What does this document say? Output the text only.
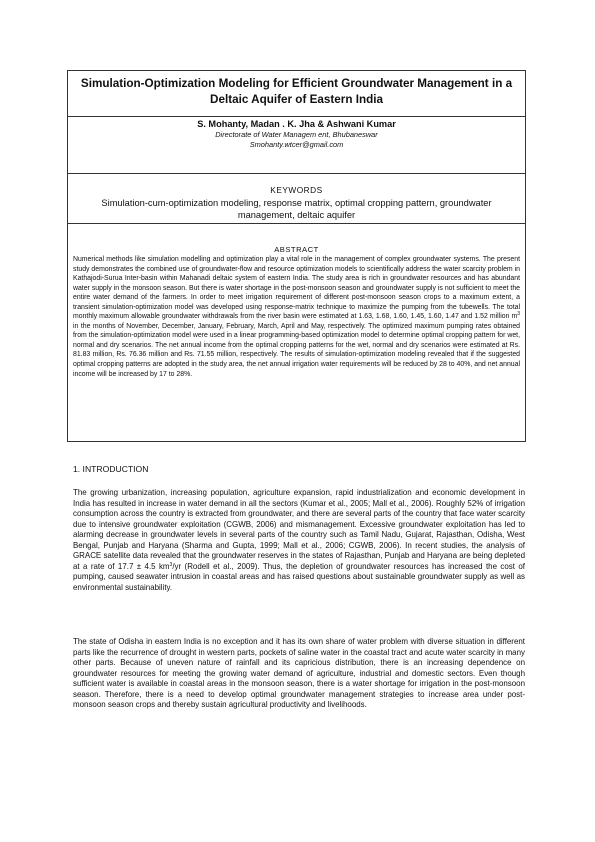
Simulation-Optimization Modeling for Efficient Groundwater Management in a Deltaic Aquifer of Eastern India
S. Mohanty, Madan . K. Jha & Ashwani Kumar
Directorate of Water Managem ent, Bhubaneswar
Smohanty.wtcer@gmail.com
KEYWORDS
Simulation-cum-optimization modeling, response matrix, optimal cropping pattern, groundwater management, deltaic aquifer
ABSTRACT
Numerical methods like simulation modelling and optimization play a vital role in the management of complex groundwater systems. The present study demonstrates the combined use of groundwater-flow and resource optimization models to scientifically address the water scarcity problem in Kathajodi-Surua Inter-basin within Mahanadi deltaic system of eastern India. The study area is rich in groundwater resources and has abundant water supply in the monsoon season. But there is water shortage in the post-monsoon season and groundwater supply is not sufficient to meet the entire water demand of the farmers. In order to meet irrigation requirement of different post-monsoon season crops to a maximum extent, a transient simulation-optimization model was developed using response-matrix technique to maximize the pumping from the tubewells. The total monthly maximum allowable groundwater withdrawals from the river basin were estimated at 1.63, 1.68, 1.60, 1.45, 1.60, 1.47 and 1.52 million $m^3$ in the months of November, December, January, February, March, April and May, respectively. The optimized maximum pumping rates obtained from the simulation-optimization model were used in a linear programming-based optimization model to determine optimal cropping pattern for wet, normal and dry scenarios. The net annual income from the optimal cropping patterns for the wet, normal and dry scenarios were estimated at Rs. 81.83 million, Rs. 76.36 million and Rs. 71.55 million, respectively. The results of simulation-optimization modeling revealed that if the suggested optimal cropping patterns are adopted in the study area, the net annual irrigation water requirements will be reduced by 28 to 40%, and net annual income will be increased by 17 to 28%.
1. INTRODUCTION
The growing urbanization, increasing population, agriculture expansion, rapid industrialization and economic development in India has resulted in increase in water demand in all the sectors (Kumar et al., 2005; Mall et al., 2006). Roughly 52% of irrigation consumption across the country is extracted from groundwater, and there are several parts of the country that face water scarcity due to intensive groundwater exploitation (CGWB, 2006) and mismanagement. Excessive groundwater exploitation has led to alarming decrease in groundwater levels in several parts of the country such as Tamil Nadu, Gujarat, Rajasthan, Odisha, West Bengal, Punjab and Haryana (Sharma and Gupta, 1999; Mall et al., 2006; CGWB, 2006). In recent studies, the analysis of GRACE satellite data revealed that the groundwater reserves in the states of Rajasthan, Punjab and Haryana are being depleted at a rate of 17.7 ± 4.5 $km^3/yr$ (Rodell et al., 2009). Thus, the depletion of groundwater resources has increased the cost of pumping, caused seawater intrusion in coastal areas and has raised questions about sustainable groundwater supply as well as environmental sustainability.
The state of Odisha in eastern India is no exception and it has its own share of water problem with diverse situation in different parts like the recurrence of drought in western parts, pockets of saline water in the coastal tract and acute water scarcity in many other parts. Because of uneven nature of rainfall and its capricious distribution, there is an increasing dependence on groundwater resources for meeting the growing water demand of agriculture, industrial and domestic sectors. Even though sufficient water is available in coastal areas in the monsoon season, there is a water shortage for irrigation in the post-monsoon season. Therefore, there is a need to develop optimal groundwater management strategies to increase area under post-monsoon season crops and thereby sustain agricultural productivity and livelihoods.
